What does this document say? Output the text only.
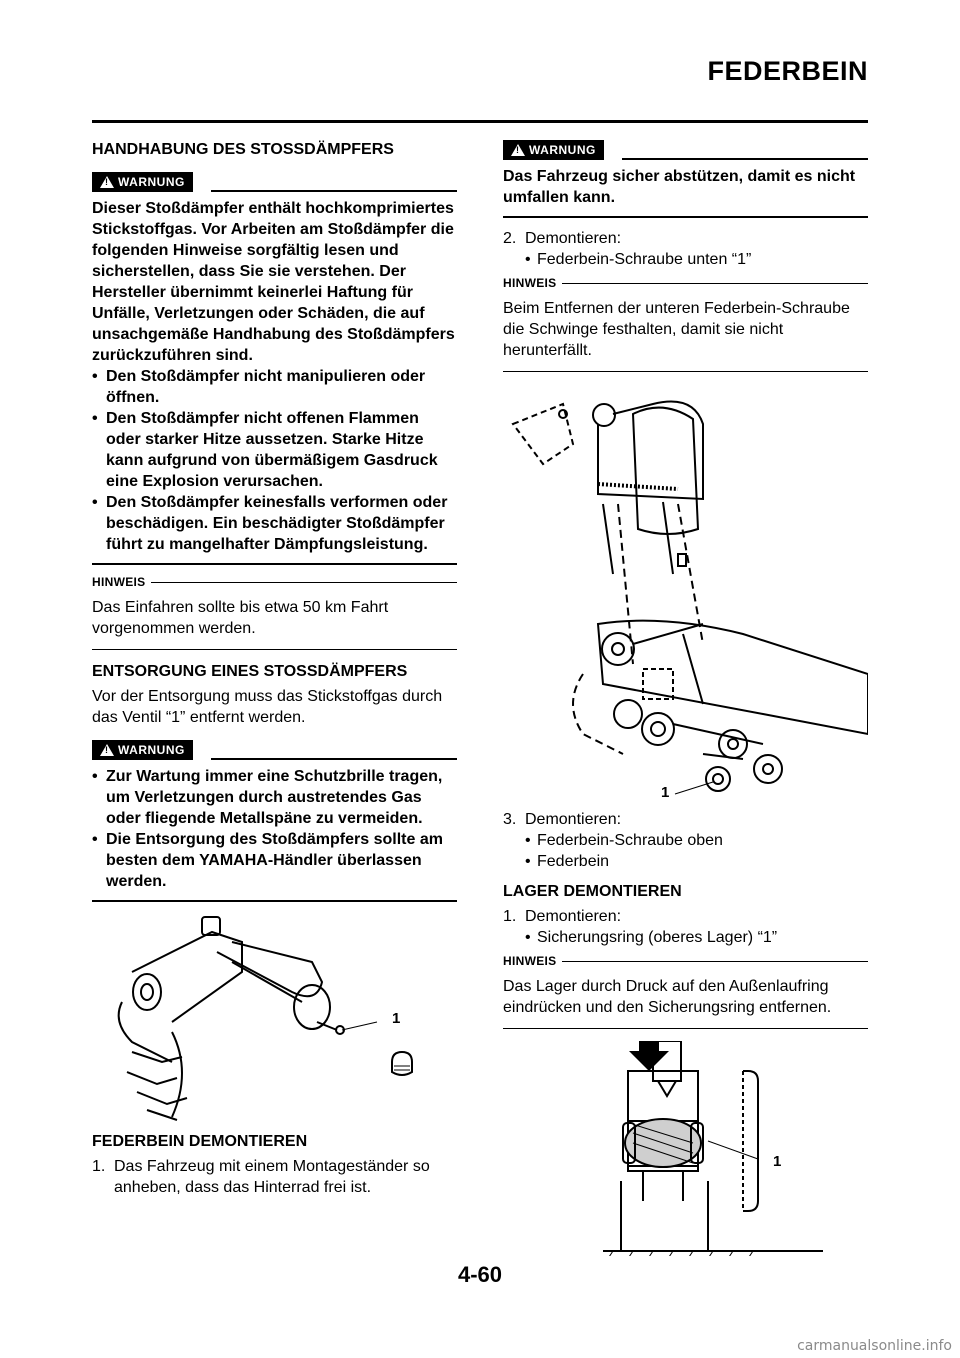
FEDERBEIN
HANDHABUNG DES STOSSDÄMPFERS
!
WARNUNG

Dieser Stoßdämpfer enthält hochkomprimiertes Stickstoffgas. Vor Arbeiten am Stoßdämpfer die folgenden Hinweise sorgfältig lesen und sicherstellen, dass Sie sie verstehen. Der Hersteller übernimmt keinerlei Haftung für Unfälle, Verletzungen oder Schäden, die auf unsachgemäße Handhabung des Stoßdämpfers zurückzuführen sind.

• Den Stoßdämpfer nicht manipulieren oder öffnen.
• Den Stoßdämpfer nicht offenen Flammen oder starker Hitze aussetzen. Starke Hitze kann aufgrund von übermäßigem Gasdruck eine Explosion verursachen.
• Den Stoßdämpfer keinesfalls verformen oder beschädigen. Ein beschädigter Stoßdämpfer führt zu mangelhafter Dämpfungsleistung.
HINWEIS

Das Einfahren sollte bis etwa 50 km Fahrt vorgenommen werden.

ENTSORGUNG EINES STOSSDÄMPFERS

Vor der Entsorgung muss das Stickstoffgas durch das Ventil “1” entfernt werden.

!
WARNUNG
• Zur Wartung immer eine Schutzbrille tragen, um Verletzungen durch austretendes Gas oder fliegende Metallspäne zu vermeiden.
• Die Entsorgung des Stoßdämpfers sollte am besten dem YAMAHA-Händler überlassen werden.
1
FEDERBEIN DEMONTIEREN
1. Das Fahrzeug mit einem Montageständer so anheben, dass das Hinterrad frei ist.
!
WARNUNG

Das Fahrzeug sicher abstützen, damit es nicht umfallen kann.

2. Demontieren:
• Federbein-Schraube unten “1”
HINWEIS

Beim Entfernen der unteren Federbein-Schraube die Schwinge festhalten, damit sie nicht herunterfällt.

1
3. Demontieren:
• Federbein-Schraube oben
• Federbein
LAGER DEMONTIEREN
1. Demontieren:
• Sicherungsring (oberes Lager) “1”
HINWEIS

Das Lager durch Druck auf den Außenlaufring eindrücken und den Sicherungsring entfernen.

1
4-60
carmanualsonline.info
